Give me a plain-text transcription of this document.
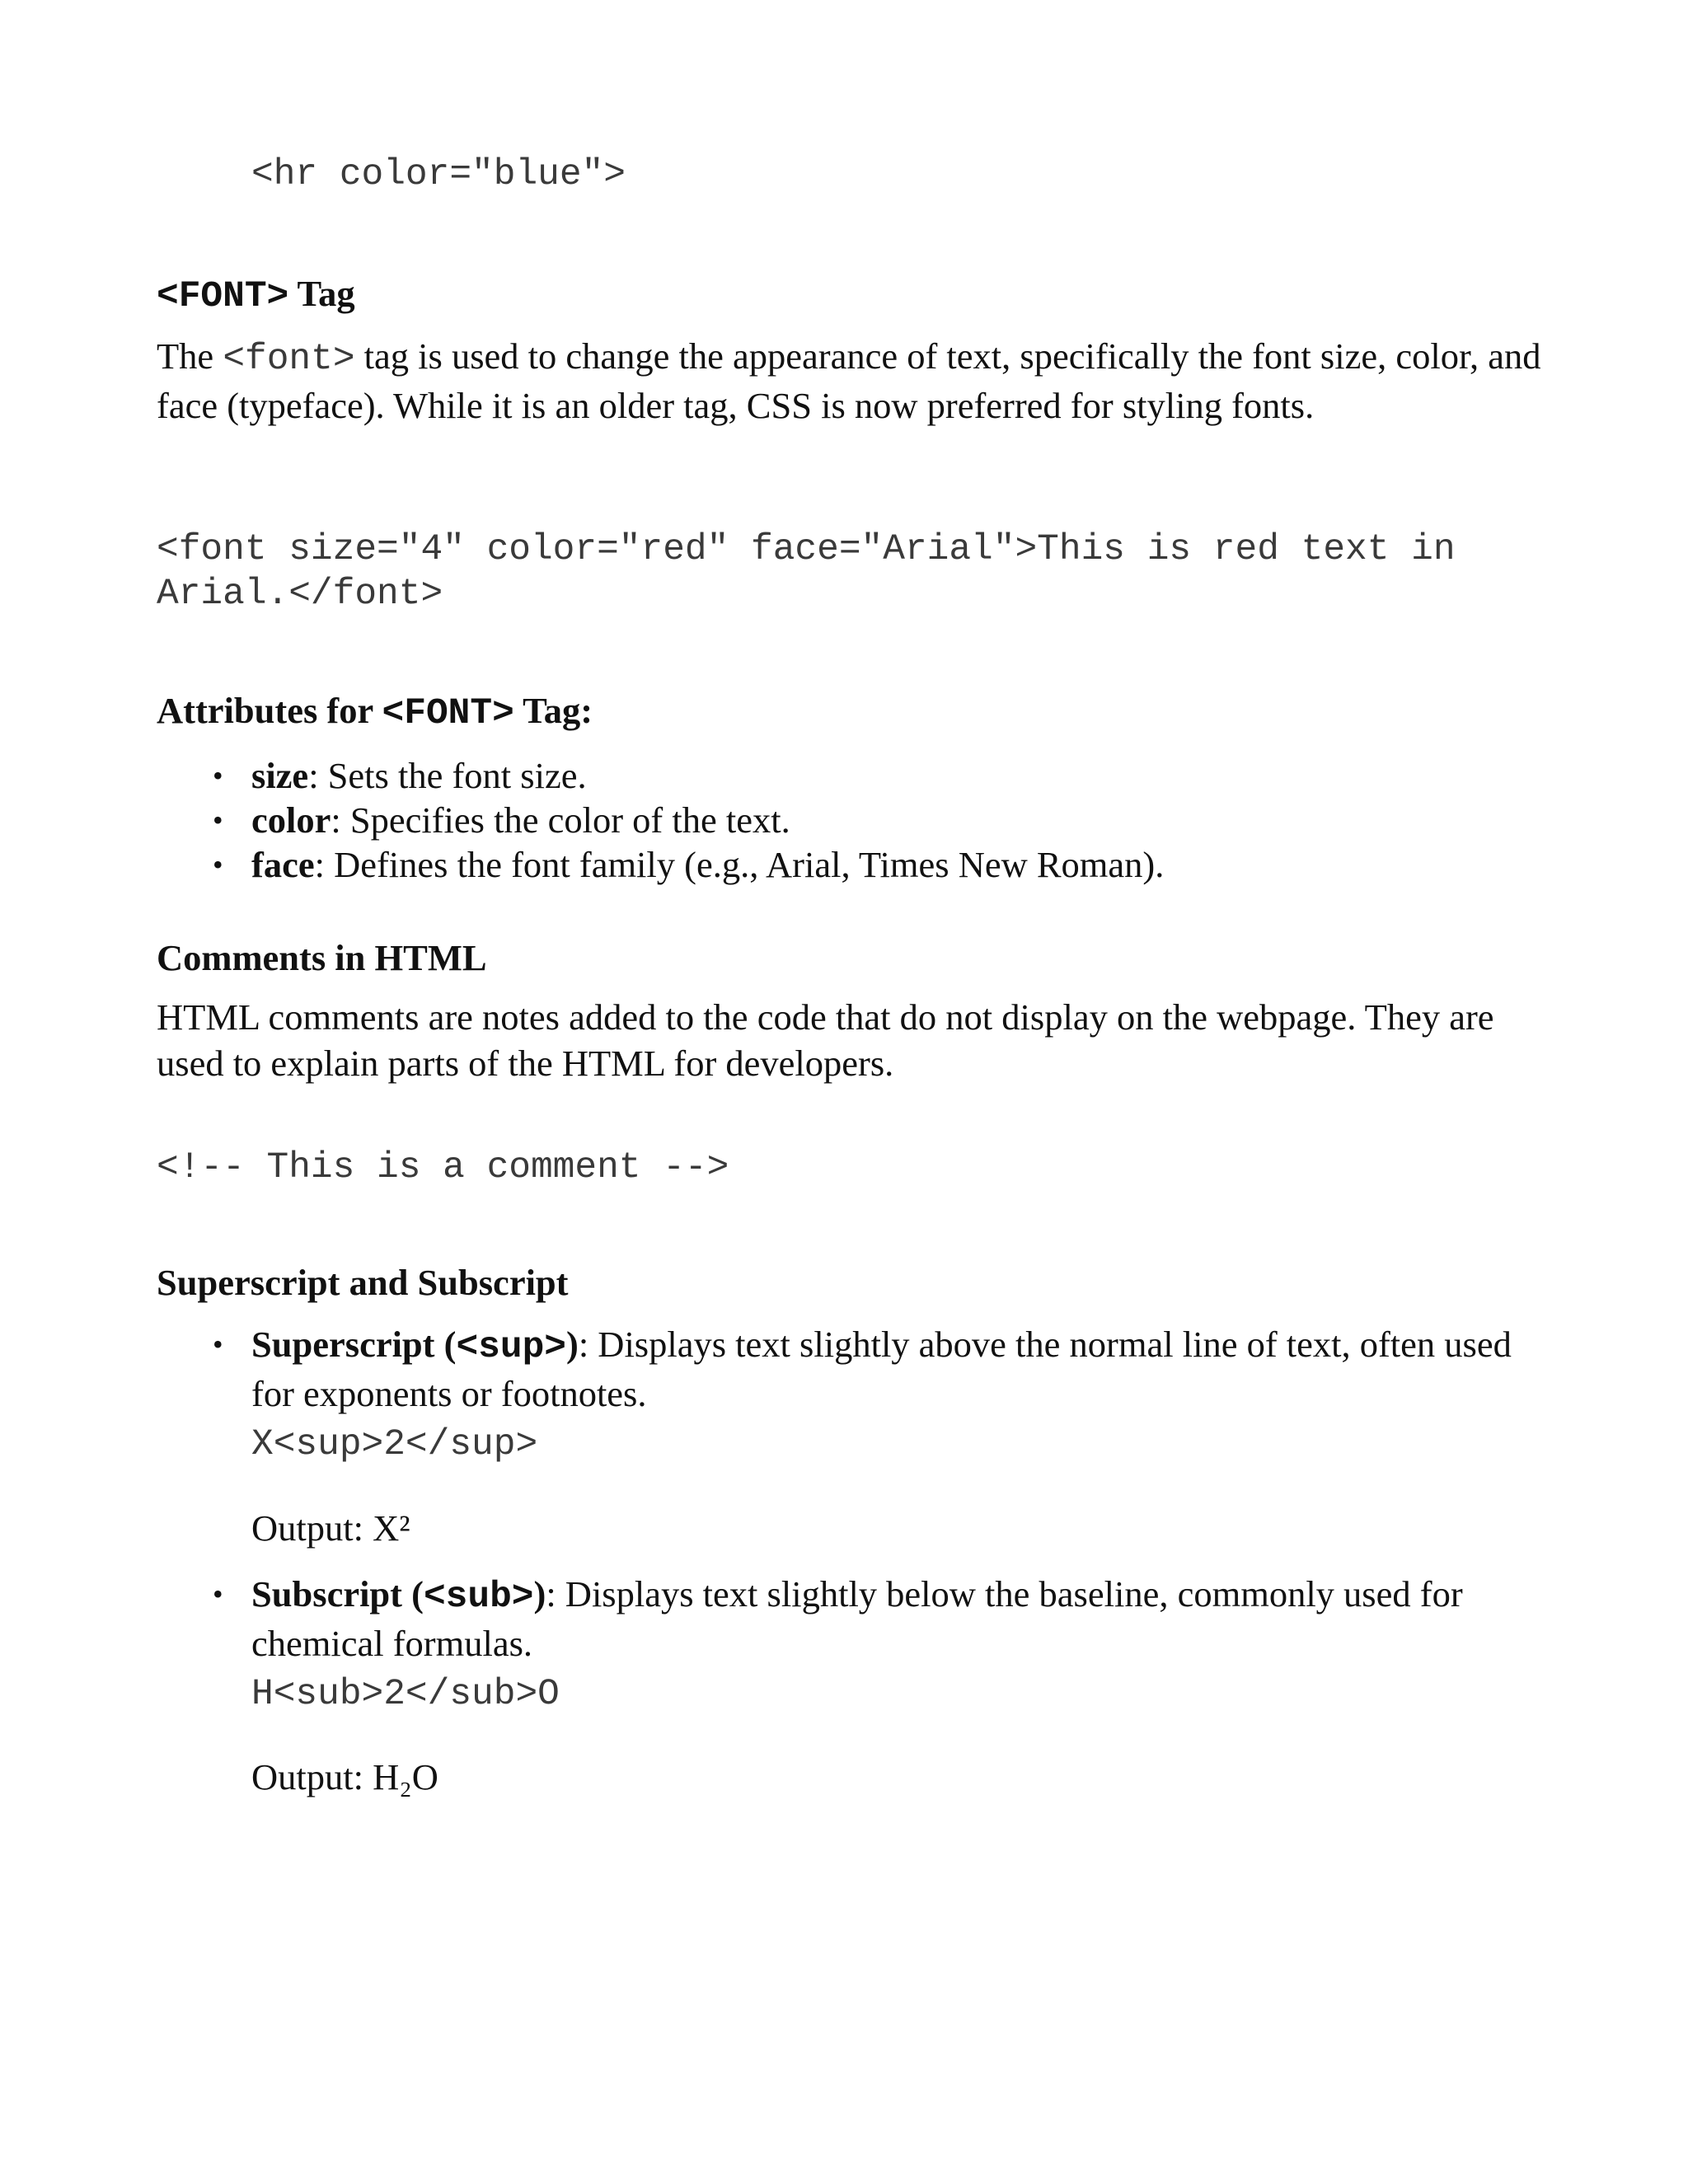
<hr color="blue">
<FONT> Tag
The <font> tag is used to change the appearance of text, specifically the font size, color, and face (typeface). While it is an older tag, CSS is now preferred for styling fonts.
<font size="4" color="red" face="Arial">This is red text in
Arial.</font>
Attributes for <FONT> Tag:
• size: Sets the font size.
• color: Specifies the color of the text.
• face: Defines the font family (e.g., Arial, Times New Roman).
Comments in HTML
HTML comments are notes added to the code that do not display on the webpage. They are used to explain parts of the HTML for developers.
<!-- This is a comment -->
Superscript and Subscript
• Superscript (<sup>): Displays text slightly above the normal line of text, often used for exponents or footnotes.
X<sup>2</sup>
Output: X²
• Subscript (<sub>): Displays text slightly below the baseline, commonly used for chemical formulas.
H<sub>2</sub>O
Output: H₂O
